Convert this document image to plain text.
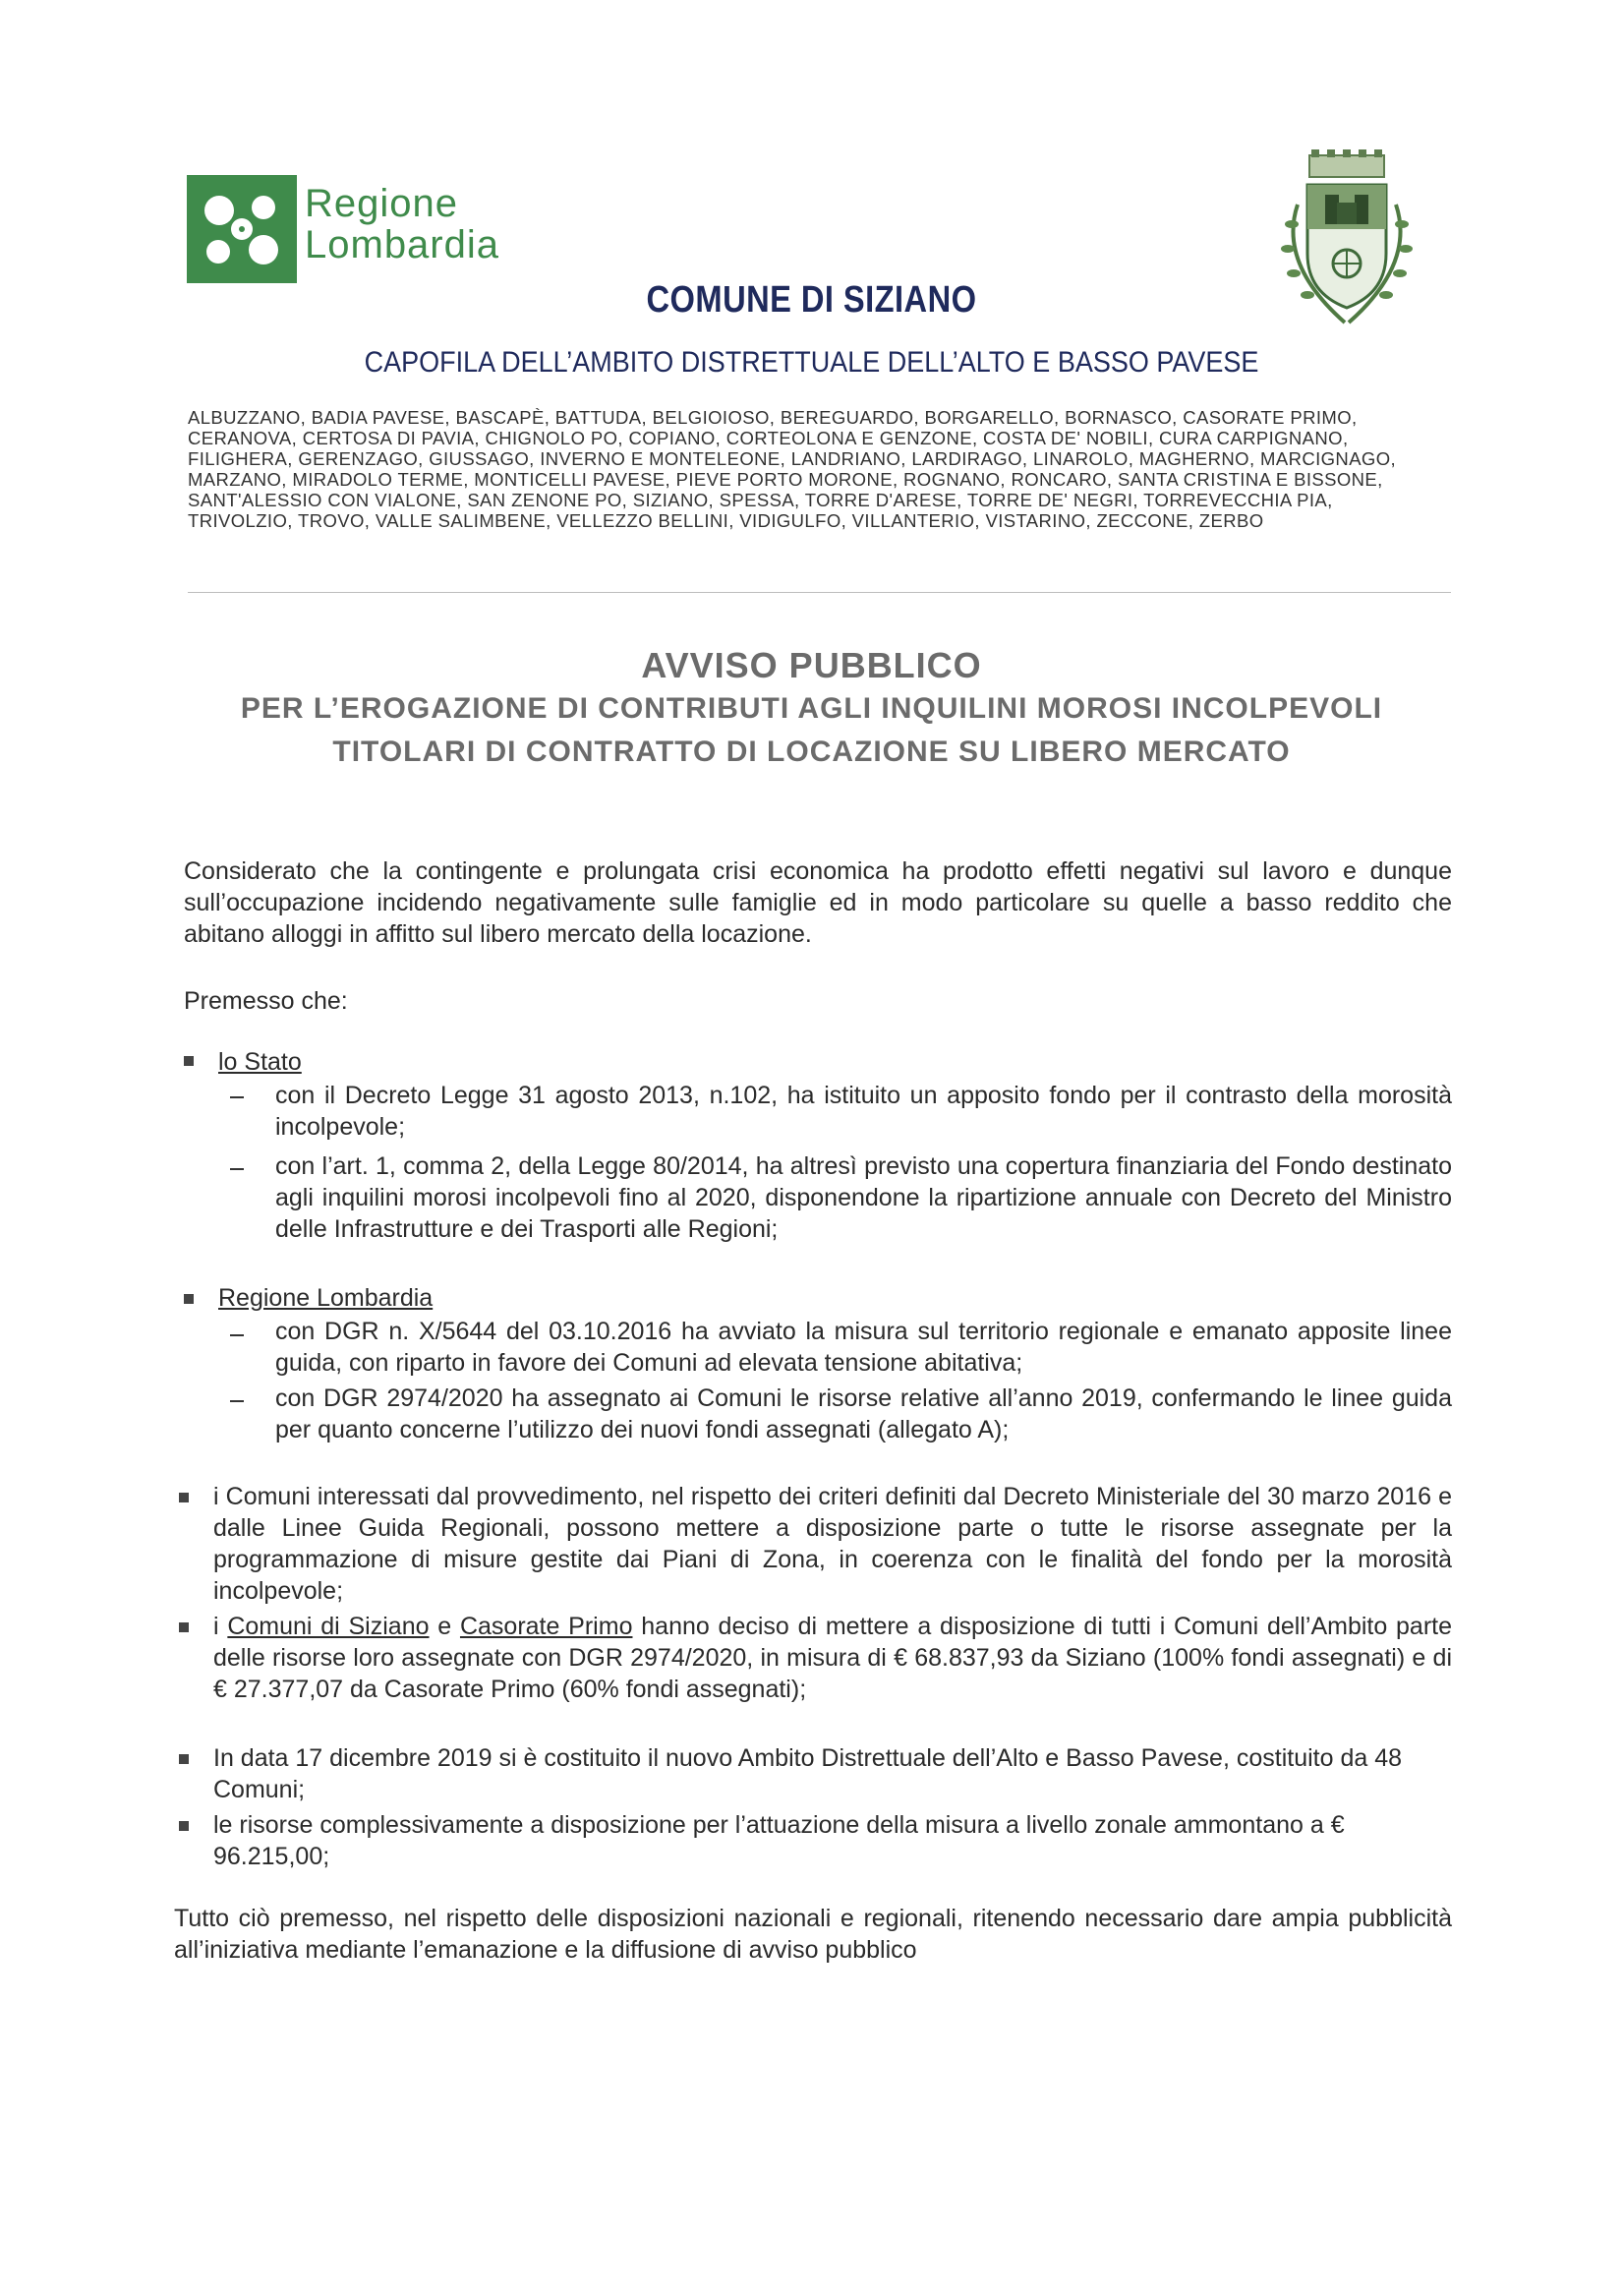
Regione
Lombardia
COMUNE DI SIZIANO
CAPOFILA DELL’AMBITO DISTRETTUALE DELL’ALTO E BASSO PAVESE
ALBUZZANO, BADIA PAVESE, BASCAPÈ, BATTUDA, BELGIOIOSO, BEREGUARDO, BORGARELLO, BORNASCO, CASORATE PRIMO,
CERANOVA, CERTOSA DI PAVIA, CHIGNOLO PO, COPIANO, CORTEOLONA E GENZONE, COSTA DE' NOBILI, CURA CARPIGNANO,
FILIGHERA, GERENZAGO, GIUSSAGO, INVERNO E MONTELEONE, LANDRIANO, LARDIRAGO, LINAROLO, MAGHERNO, MARCIGNAGO,
MARZANO, MIRADOLO TERME, MONTICELLI PAVESE, PIEVE PORTO MORONE, ROGNANO, RONCARO, SANTA CRISTINA E BISSONE,
SANT'ALESSIO CON VIALONE, SAN ZENONE PO, SIZIANO, SPESSA, TORRE D'ARESE, TORRE DE' NEGRI, TORREVECCHIA PIA,
TRIVOLZIO, TROVO, VALLE SALIMBENE, VELLEZZO BELLINI, VIDIGULFO, VILLANTERIO, VISTARINO, ZECCONE, ZERBO
AVVISO PUBBLICO
PER L’EROGAZIONE DI CONTRIBUTI AGLI INQUILINI MOROSI INCOLPEVOLI
TITOLARI DI CONTRATTO DI LOCAZIONE SU LIBERO MERCATO
Considerato che la contingente e prolungata crisi economica ha prodotto effetti negativi sul lavoro e dunque sull’occupazione incidendo negativamente sulle famiglie ed in modo particolare su quelle a basso reddito che abitano alloggi in affitto sul libero mercato della locazione.
Premesso che:
lo Stato
con il Decreto Legge 31 agosto 2013, n.102, ha istituito un apposito fondo per il contrasto della morosità incolpevole;
con l’art. 1, comma 2, della Legge 80/2014, ha altresì previsto una copertura finanziaria del Fondo destinato agli inquilini morosi incolpevoli fino al 2020, disponendone la ripartizione annuale con Decreto del Ministro delle Infrastrutture e dei Trasporti alle Regioni;
Regione Lombardia
con DGR n. X/5644 del 03.10.2016 ha avviato la misura sul territorio regionale e emanato apposite linee guida, con riparto in favore dei Comuni ad elevata tensione abitativa;
con DGR 2974/2020 ha assegnato ai Comuni le risorse relative all’anno 2019, confermando le linee guida per quanto concerne l’utilizzo dei nuovi fondi assegnati (allegato A);
i Comuni interessati dal provvedimento, nel rispetto dei criteri definiti dal Decreto Ministeriale del 30 marzo 2016 e dalle Linee Guida Regionali, possono mettere a disposizione parte o tutte le risorse assegnate per la programmazione di misure gestite dai Piani di Zona, in coerenza con le finalità del fondo per la morosità incolpevole;
i Comuni di Siziano e Casorate Primo hanno deciso di mettere a disposizione di tutti i Comuni dell’Ambito parte delle risorse loro assegnate con DGR 2974/2020, in misura di € 68.837,93 da Siziano (100% fondi assegnati) e di € 27.377,07 da Casorate Primo (60% fondi assegnati);
In data 17 dicembre 2019 si è costituito il nuovo Ambito Distrettuale dell’Alto e Basso Pavese, costituito da 48 Comuni;
le risorse complessivamente a disposizione per l’attuazione della misura a livello zonale ammontano a € 96.215,00;
Tutto ciò premesso, nel rispetto delle disposizioni nazionali e regionali, ritenendo necessario dare ampia pubblicità all’iniziativa mediante l’emanazione e la diffusione di avviso pubblico
